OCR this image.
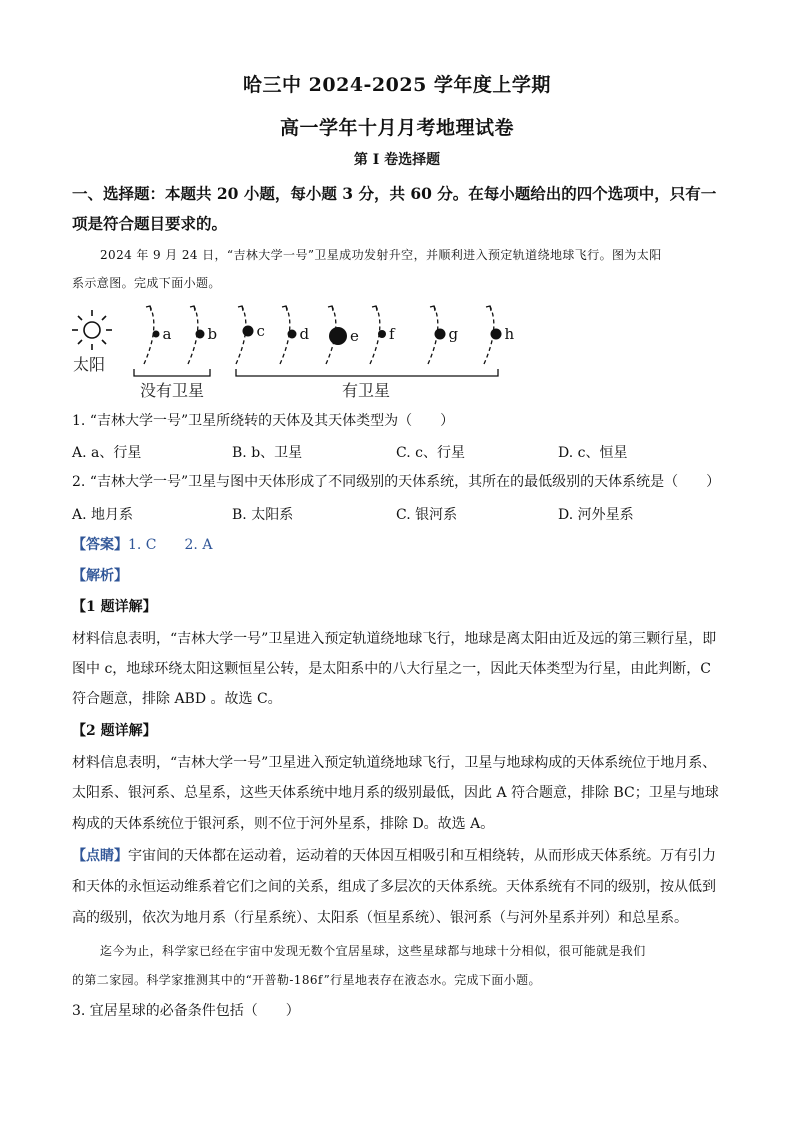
哈三中 2024-2025 学年度上学期
高一学年十月月考地理试卷
第 I 卷选择题
一、选择题：本题共 20 小题，每小题 3 分，共 60 分。在每小题给出的四个选项中，只有一
项是符合题目要求的。
2024 年 9 月 24 日，“吉林大学一号”卫星成功发射升空，并顺利进入预定轨道绕地球飞行。图为太阳
系示意图。完成下面小题。
太阳
a b	c d	e f	g	h
没有卫星	有卫星
1. “吉林大学一号”卫星所绕转的天体及其天体类型为（　　）
A. a、行星	B. b、卫星	C. c、行星	D. c、恒星
2. “吉林大学一号”卫星与图中天体形成了不同级别的天体系统，其所在的最低级别的天体系统是（　　）
A. 地月系	B. 太阳系	C. 银河系	D. 河外星系
【答案】1. C　　2. A
【解析】
【1 题详解】
材料信息表明，“吉林大学一号”卫星进入预定轨道绕地球飞行，地球是离太阳由近及远的第三颗行星，即
图中 c，地球环绕太阳这颗恒星公转，是太阳系中的八大行星之一，因此天体类型为行星，由此判断，C
符合题意，排除 ABD 。故选 C。
【2 题详解】
材料信息表明，“吉林大学一号”卫星进入预定轨道绕地球飞行，卫星与地球构成的天体系统位于地月系、
太阳系、银河系、总星系，这些天体系统中地月系的级别最低，因此 A 符合题意，排除 BC；卫星与地球
构成的天体系统位于银河系，则不位于河外星系，排除 D。故选 A。
【点睛】宇宙间的天体都在运动着，运动着的天体因互相吸引和互相绕转，从而形成天体系统。万有引力
和天体的永恒运动维系着它们之间的关系，组成了多层次的天体系统。天体系统有不同的级别，按从低到
高的级别，依次为地月系（行星系统）、太阳系（恒星系统）、银河系（与河外星系并列）和总星系。
迄今为止，科学家已经在宇宙中发现无数个宜居星球，这些星球都与地球十分相似，很可能就是我们
的第二家园。科学家推测其中的“开普勒-186f”行星地表存在液态水。完成下面小题。
3. 宜居星球的必备条件包括（　　）
